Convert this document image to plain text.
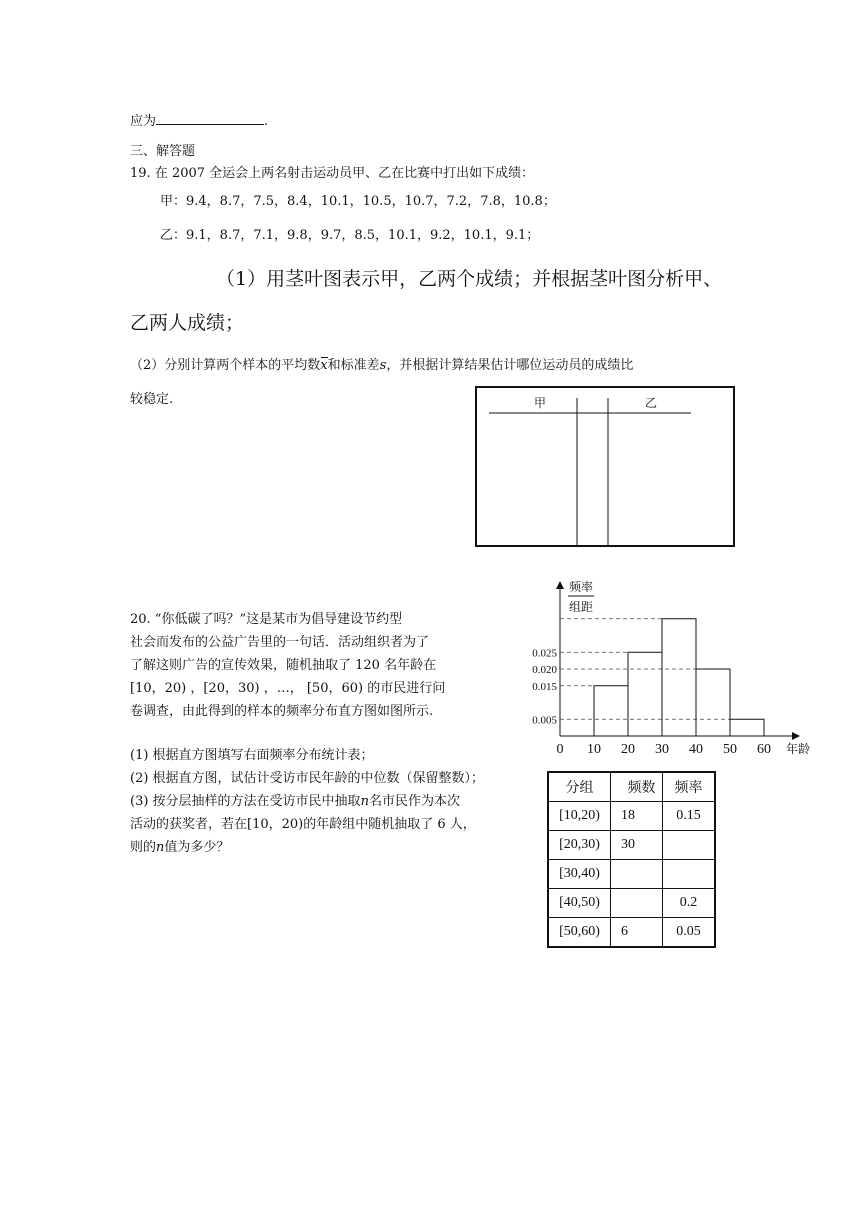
应为	.
三、解答题
19. 在 2007 全运会上两名射击运动员甲、乙在比赛中打出如下成绩：
甲：9.4，8.7，7.5，8.4，10.1，10.5，10.7，7.2，7.8，10.8；
乙：9.1，8.7，7.1，9.8，9.7，8.5，10.1，9.2，10.1，9.1；
（1）用茎叶图表示甲，乙两个成绩；并根据茎叶图分析甲、
乙两人成绩；
（2）分别计算两个样本的平均数x和标准差s，并根据计算结果估计哪位运动员的成绩比
较稳定.	甲	乙
20. “你低碳了吗？”这是某市为倡导建设节约型
社会而发布的公益广告里的一句话．活动组织者为了
了解这则广告的宣传效果，随机抽取了 120 名年龄在
[10，20) ，[20，30) ，…， [50，60) 的市民进行问
卷调查，由此得到的样本的频率分布直方图如图所示.
(1) 根据直方图填写右面频率分布统计表；
(2) 根据直方图，试估计受访市民年龄的中位数（保留整数）；
(3) 按分层抽样的方法在受访市民中抽取n名市民作为本次
活动的获奖者，若在[10，20)的年龄组中随机抽取了 6 人，
则的n值为多少？
0.025
0.020
0.015
0.005
0 10 20 30 40 50 60 年龄
频率
组距
分组	频数	频率
[10,20)	18	0.15
[20,30)	30	
[30,40)		
[40,50)		0.2
[50,60)	6	0.05
